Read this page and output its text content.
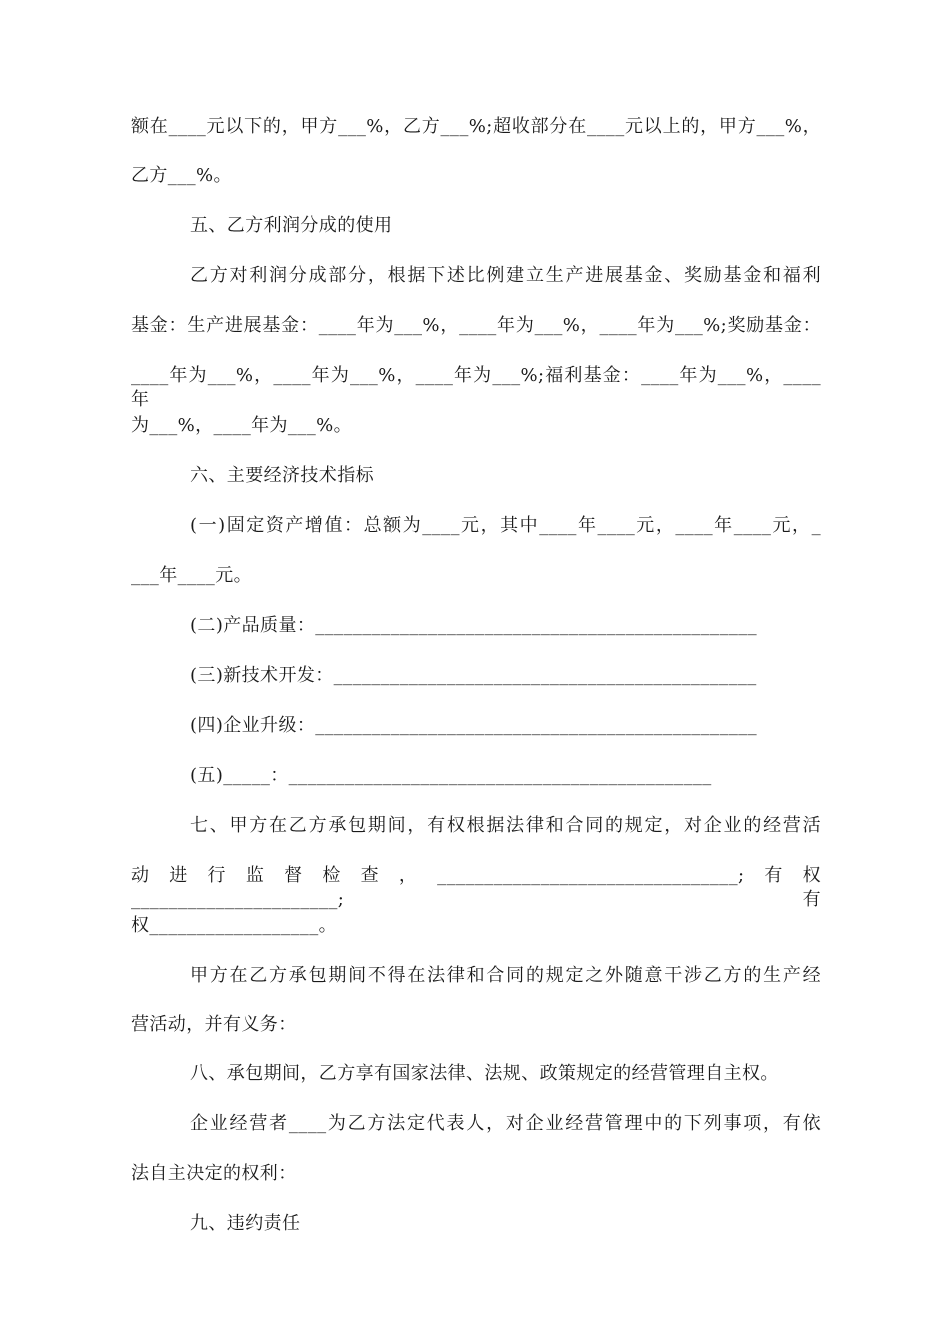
额在____元以下的，甲方___%，乙方___%;超收部分在____元以上的，甲方___%，
乙方___%。
五、乙方利润分成的使用
乙方对利润分成部分，根据下述比例建立生产进展基金、奖励基金和福利
基金：生产进展基金：____年为___%，____年为___%，____年为___%;奖励基金：
____年为___%，____年为___%，____年为___%;福利基金：____年为___%，____年
为___%，____年为___%。
六、主要经济技术指标
(一)固定资产增值：总额为____元，其中____年____元，____年____元，_
___年____元。
(二)产品质量：_______________________________________________
(三)新技术开发：_____________________________________________
(四)企业升级：_______________________________________________
(五)_____：_____________________________________________
七、甲方在乙方承包期间，有权根据法律和合同的规定，对企业的经营活
动进行监督检查，________________________________;有权______________________;有
权__________________。
甲方在乙方承包期间不得在法律和合同的规定之外随意干涉乙方的生产经
营活动，并有义务：
八、承包期间，乙方享有国家法律、法规、政策规定的经营管理自主权。
企业经营者____为乙方法定代表人，对企业经营管理中的下列事项，有依
法自主决定的权利：
九、违约责任
